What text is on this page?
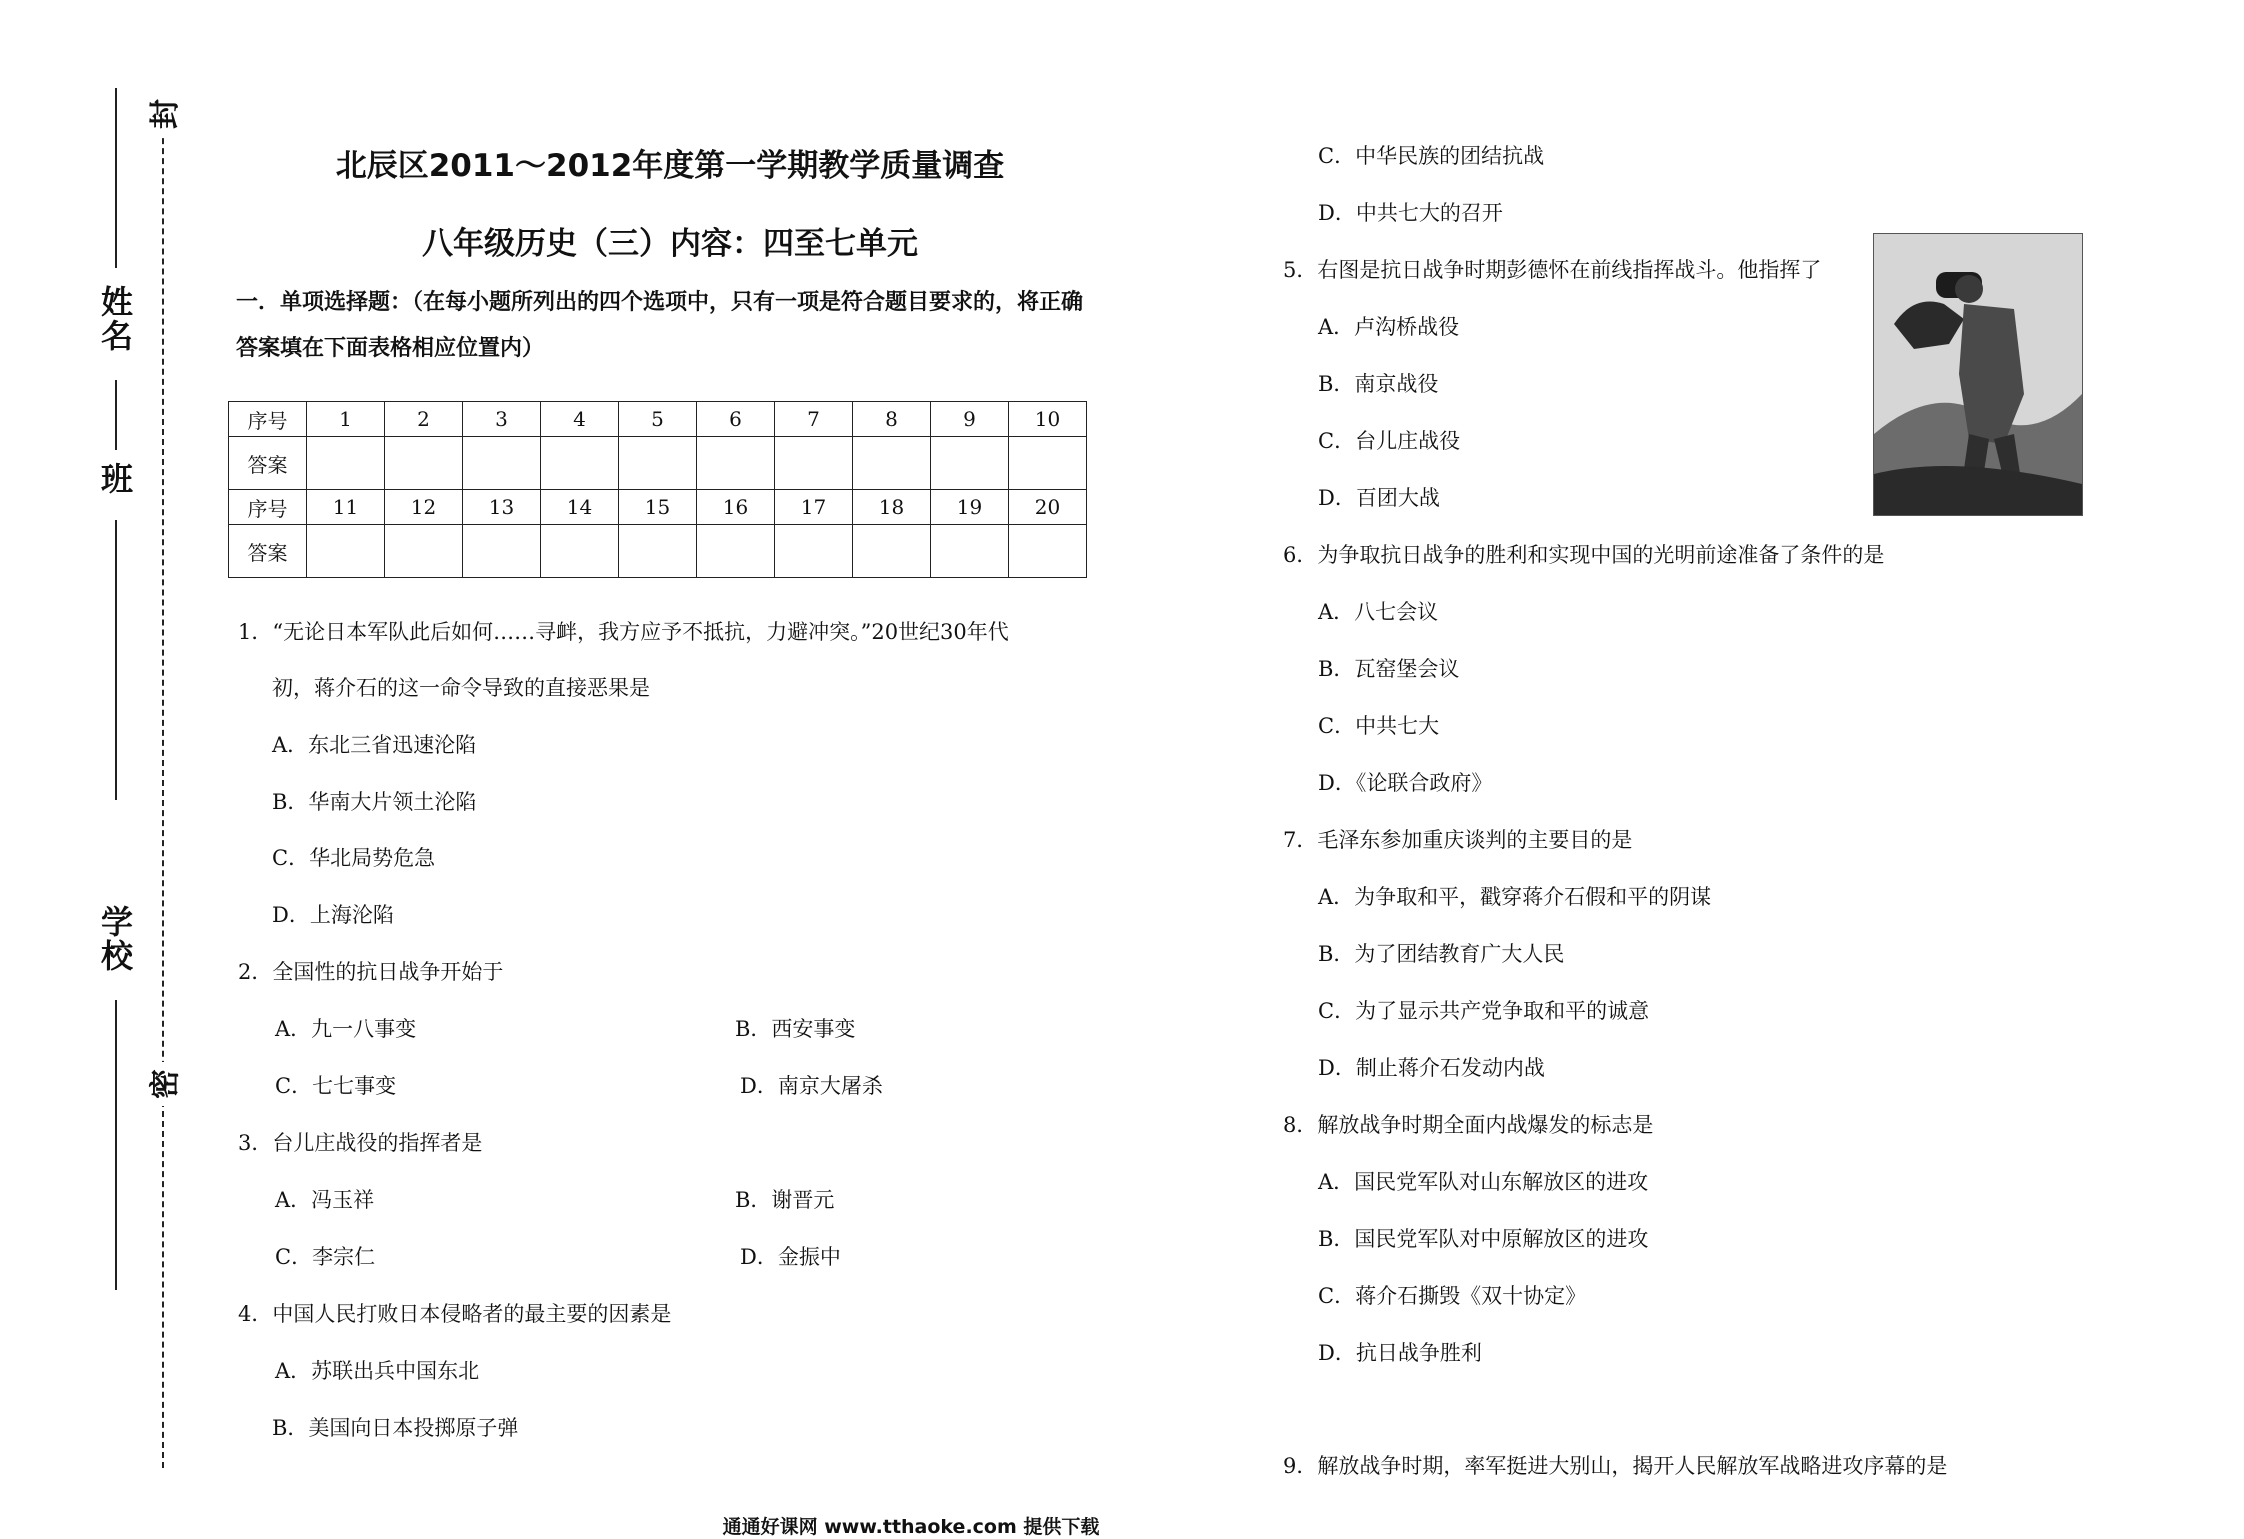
姓名
班
学校
封
密
北辰区2011～2012年度第一学期教学质量调查
八年级历史（三）内容：四至七单元
一．单项选择题：（在每小题所列出的四个选项中，只有一项是符合题目要求的，将正确
答案填在下面表格相应位置内）
序号	1	2	3	4	5	6	7	8	9	10
答案										
序号	11	12	13	14	15	16	17	18	19	20
答案										
1．“无论日本军队此后如何……寻衅，我方应予不抵抗，力避冲突。”20世纪30年代
初，蒋介石的这一命令导致的直接恶果是
A．东北三省迅速沦陷
B．华南大片领土沦陷
C．华北局势危急
D．上海沦陷
2．全国性的抗日战争开始于
A．九一八事变	B．西安事变
C．七七事变	D．南京大屠杀
3．台儿庄战役的指挥者是
A．冯玉祥	B．谢晋元
C．李宗仁	D．金振中
4．中国人民打败日本侵略者的最主要的因素是
A．苏联出兵中国东北
B．美国向日本投掷原子弹
C．中华民族的团结抗战
D．中共七大的召开
5．右图是抗日战争时期彭德怀在前线指挥战斗。他指挥了
A．卢沟桥战役
B．南京战役
C．台儿庄战役
D．百团大战
6．为争取抗日战争的胜利和实现中国的光明前途准备了条件的是
A．八七会议
B．瓦窑堡会议
C．中共七大
D．《论联合政府》
7．毛泽东参加重庆谈判的主要目的是
A．为争取和平，戳穿蒋介石假和平的阴谋
B．为了团结教育广大人民
C．为了显示共产党争取和平的诚意
D．制止蒋介石发动内战
8．解放战争时期全面内战爆发的标志是
A．国民党军队对山东解放区的进攻
B．国民党军队对中原解放区的进攻
C．蒋介石撕毁《双十协定》
D．抗日战争胜利
9．解放战争时期，率军挺进大别山，揭开人民解放军战略进攻序幕的是
通通好课网 www.tthaoke.com 提供下载
